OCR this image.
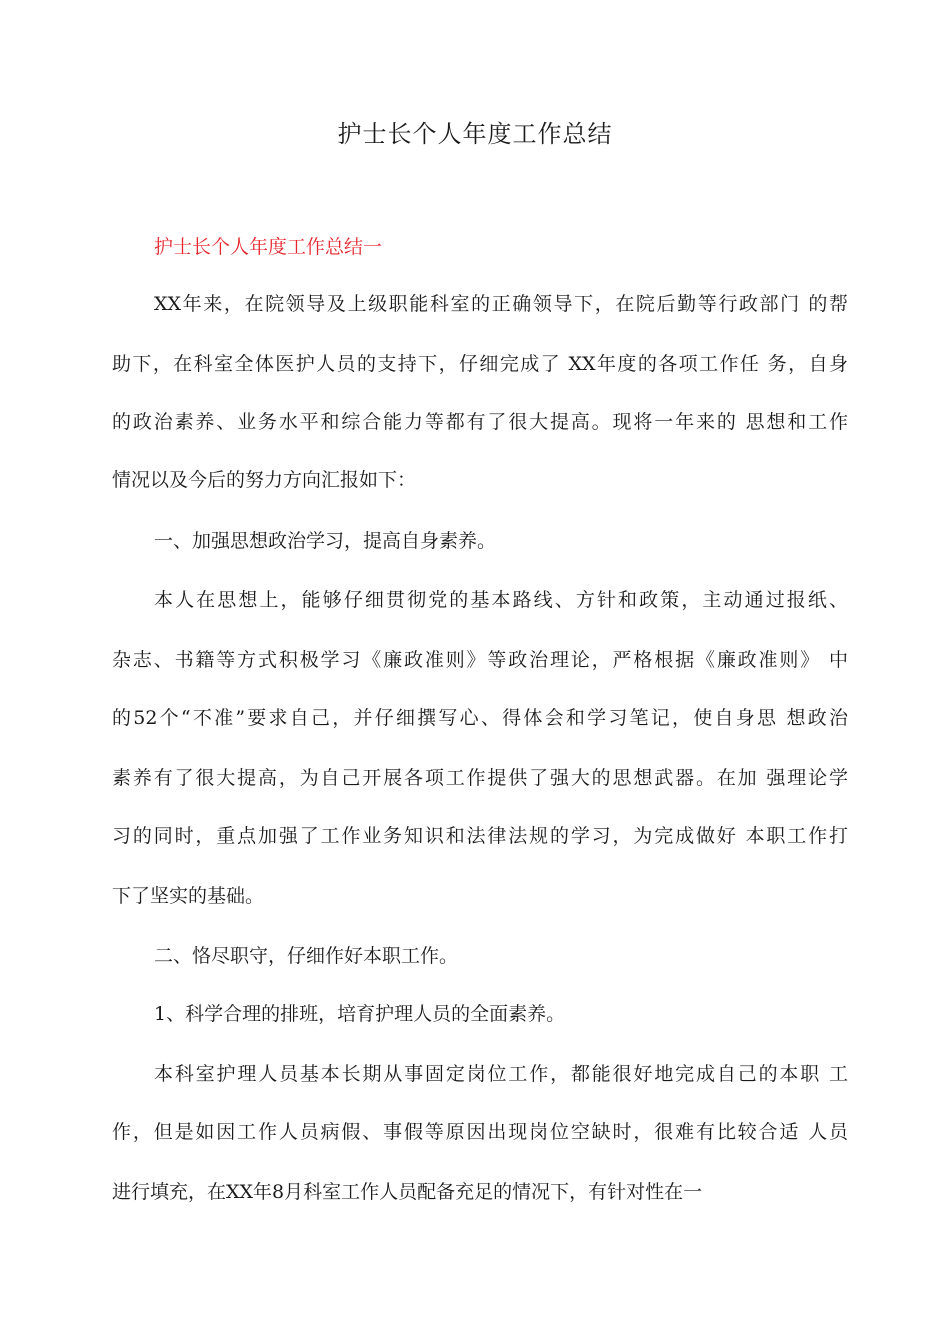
护士长个人年度工作总结
护士长个人年度工作总结一
XX年来，在院领导及上级职能科室的正确领导下，在院后勤等行政部门 的帮
助下，在科室全体医护人员的支持下，仔细完成了 XX年度的各项工作任 务，自身
的政治素养、业务水平和综合能力等都有了很大提高。现将一年来的 思想和工作
情况以及今后的努力方向汇报如下：
一、加强思想政治学习，提高自身素养。
本人在思想上，能够仔细贯彻党的基本路线、方针和政策，主动通过报纸、
杂志、书籍等方式积极学习《廉政准则》等政治理论，严格根据《廉政准则》 中
的52个“不准”要求自己，并仔细撰写心、得体会和学习笔记，使自身思 想政治
素养有了很大提高，为自己开展各项工作提供了强大的思想武器。在加 强理论学
习的同时，重点加强了工作业务知识和法律法规的学习，为完成做好 本职工作打
下了坚实的基础。
二、恪尽职守，仔细作好本职工作。
1、科学合理的排班，培育护理人员的全面素养。
本科室护理人员基本长期从事固定岗位工作，都能很好地完成自己的本职 工
作，但是如因工作人员病假、事假等原因出现岗位空缺时，很难有比较合适 人员
进行填充，在XX年8月科室工作人员配备充足的情况下，有针对性在一
